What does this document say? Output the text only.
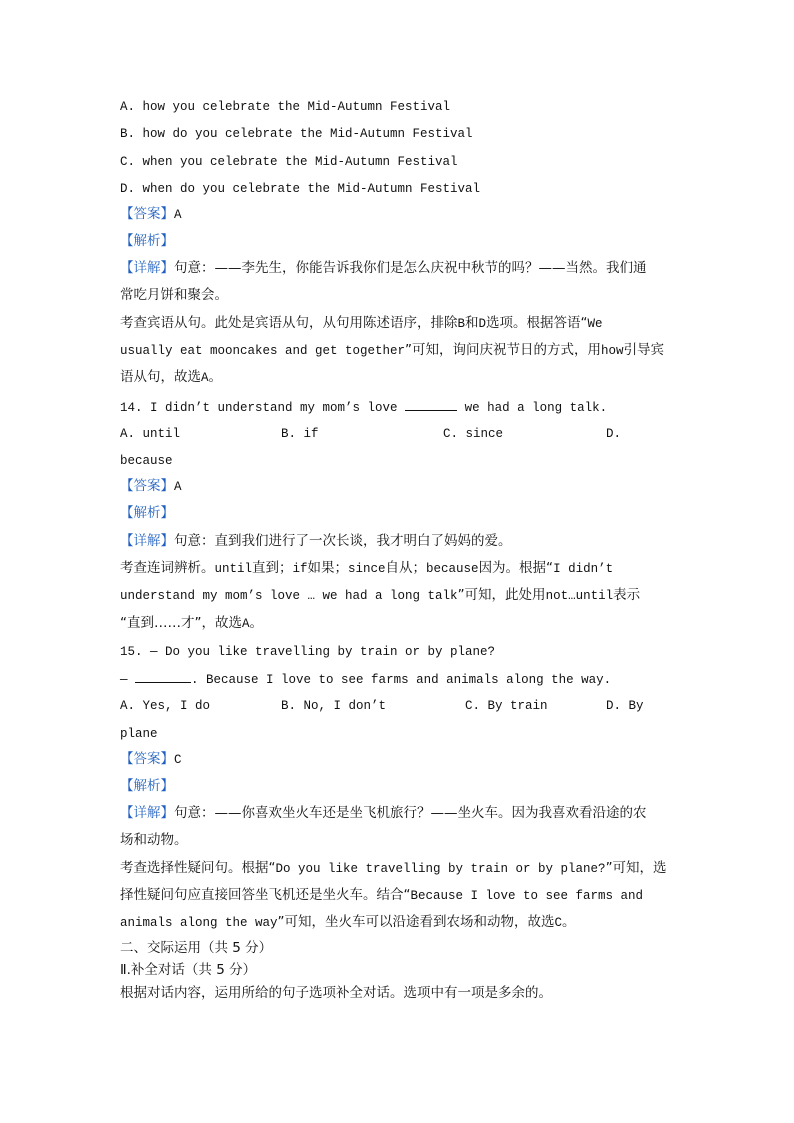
A. how you celebrate the Mid-Autumn Festival
B. how do you celebrate the Mid-Autumn Festival
C. when you celebrate the Mid-Autumn Festival
D. when do you celebrate the Mid-Autumn Festival
【答案】A
【解析】
【详解】句意：——李先生，你能告诉我你们是怎么庆祝中秋节的吗？——当然。我们通
常吃月饼和聚会。
考查宾语从句。此处是宾语从句，从句用陈述语序，排除B和D选项。根据答语“We
usually eat mooncakes and get together”可知，询问庆祝节日的方式，用how引导宾
语从句，故选A。
14. I didn’t understand my mom’s love	we had a long talk.
A. until	B. if	C. since	D.
because
【答案】A
【解析】
【详解】句意：直到我们进行了一次长谈，我才明白了妈妈的爱。
考查连词辨析。until直到；if如果；since自从；because因为。根据“I didn’t
understand my mom’s love … we had a long talk”可知，此处用not…until表示
“直到……才”，故选A。
15. — Do you like travelling by train or by plane?
—	. Because I love to see farms and animals along the way.
A. Yes, I do	B. No, I don’t	C. By train	D. By
plane
【答案】C
【解析】
【详解】句意：——你喜欢坐火车还是坐飞机旅行？——坐火车。因为我喜欢看沿途的农
场和动物。
考查选择性疑问句。根据“Do you like travelling by train or by plane?”可知，选
择性疑问句应直接回答坐飞机还是坐火车。结合“Because I love to see farms and
animals along the way”可知，坐火车可以沿途看到农场和动物，故选C。
二、交际运用（共 5 分）
Ⅱ.补全对话（共 5 分）
根据对话内容，运用所给的句子选项补全对话。选项中有一项是多余的。
